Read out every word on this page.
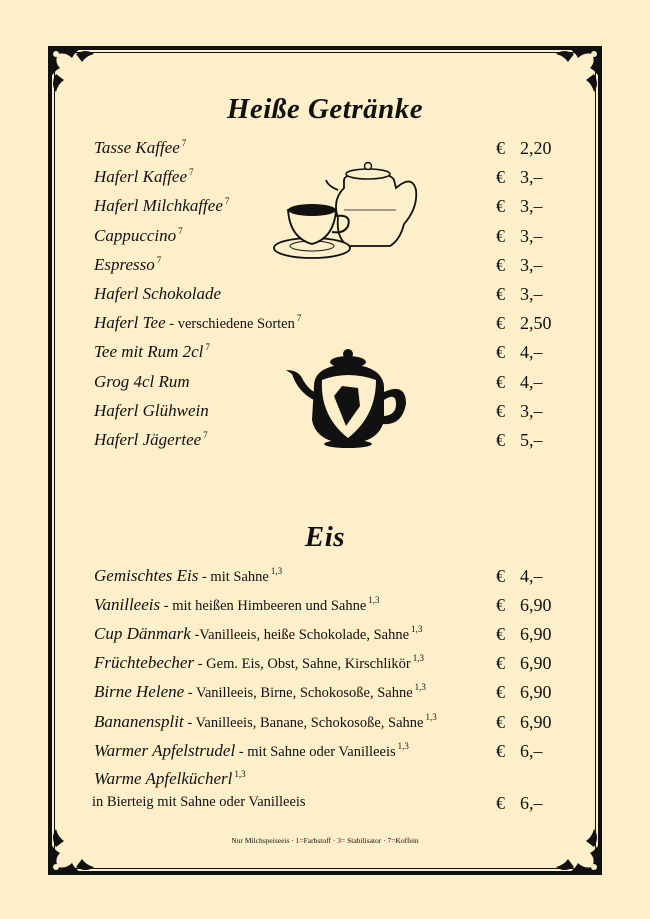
Heiße Getränke
Tasse Kaffee $^7$	€ 2,20
Haferl Kaffee $^7$	€ 3,–
Haferl Milchkaffee $^7$	€ 3,–
Cappuccino $^7$	€ 3,–
Espresso $^7$	€ 3,–
Haferl Schokolade	€ 3,–
Haferl Tee - verschiedene Sorten $^7$	€ 2,50
Tee mit Rum 2cl $^7$	€ 4,–
Grog 4cl Rum	€ 4,–
Haferl Glühwein	€ 3,–
Haferl Jägertee $^7$	€ 5,–
Eis
Gemischtes Eis - mit Sahne $^{1,3}$	€ 4,–
Vanilleeis - mit heißen Himbeeren und Sahne $^{1,3}$	€ 6,90
Cup Dänmark -Vanilleeis, heiße Schokolade, Sahne $^{1,3}$	€ 6,90
Früchtebecher - Gem. Eis, Obst, Sahne, Kirschlikör $^{1,3}$	€ 6,90
Birne Helene - Vanilleeis, Birne, Schokosoße, Sahne $^{1,3}$	€ 6,90
Bananensplit - Vanilleeis, Banane, Schokosoße, Sahne $^{1,3}$	€ 6,90
Warmer Apfelstrudel - mit Sahne oder Vanilleeis $^{1,3}$	€ 6,–
Warme Apfelkücherl $^{1,3}$
in Bierteig mit Sahne oder Vanilleeis	€ 6,–
Nur Milchspeiseeis · 1=Farbstoff · 3= Stabilisator · 7=Koffein
